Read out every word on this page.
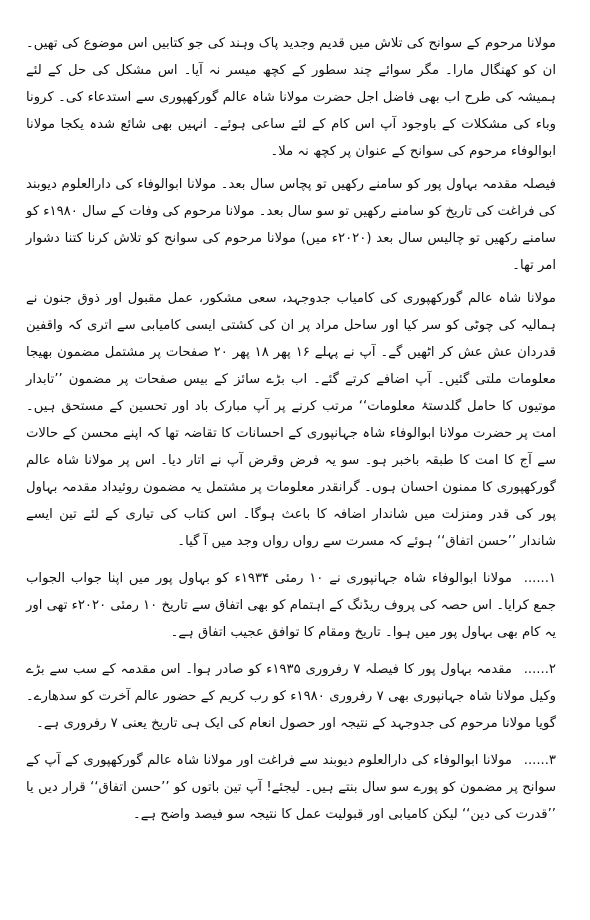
مولانا مرحوم کے سوانح کی تلاش میں قدیم وجدید پاک وہند کی جو کتابیں اس موضوع کی تھیں۔ ان کو کھنگال مارا۔ مگر سوائے چند سطور کے کچھ میسر نہ آیا۔ اس مشکل کی حل کے لئے ہمیشہ کی طرح اب بھی فاضل اجل حضرت مولانا شاہ عالم گورکھپوری سے استدعاء کی۔ کرونا وباء کی مشکلات کے باوجود آپ اس کام کے لئے ساعی ہوئے۔ انہیں بھی شائع شدہ یکجا مولانا ابوالوفاء مرحوم کی سوانح کے عنوان پر کچھ نہ ملا۔

فیصلہ مقدمہ بہاول پور کو سامنے رکھیں تو پچاس سال بعد۔ مولانا ابوالوفاء کی دارالعلوم دیوبند کی فراغت کی تاریخ کو سامنے رکھیں تو سو سال بعد۔ مولانا مرحوم کی وفات کے سال ۱۹۸۰ء کو سامنے رکھیں تو چالیس سال بعد (۲۰۲۰ء میں) مولانا مرحوم کی سوانح کو تلاش کرنا کتنا دشوار امر تھا۔

مولانا شاہ عالم گورکھپوری کی کامیاب جدوجہد، سعی مشکور، عمل مقبول اور ذوق جنون نے ہمالیہ کی چوٹی کو سر کیا اور ساحل مراد پر ان کی کشتی ایسی کامیابی سے اتری کہ واقفین قدردان عش عش کر اٹھیں گے۔ آپ نے پہلے ۱۶ پھر ۱۸ پھر ۲۰ صفحات پر مشتمل مضمون بھیجا معلومات ملتی گئیں۔ آپ اضافے کرتے گئے۔ اب بڑے سائز کے بیس صفحات پر مضمون ’’تابدار موتیوں کا حامل گلدستۂ معلومات‘‘ مرتب کرنے پر آپ مبارک باد اور تحسین کے مستحق ہیں۔ امت پر حضرت مولانا ابوالوفاء شاہ جہانپوری کے احسانات کا تقاضہ تھا کہ اپنے محسن کے حالات سے آج کا امت کا طبقہ باخبر ہو۔ سو یہ فرض وقرض آپ نے اتار دیا۔ اس پر مولانا شاہ عالم گورکھپوری کا ممنون احسان ہوں۔ گرانقدر معلومات پر مشتمل یہ مضمون روئیداد مقدمہ بہاول پور کی قدر ومنزلت میں شاندار اضافہ کا باعث ہوگا۔ اس کتاب کی تیاری کے لئے تین ایسے شاندار ’’حسن اتفاق‘‘ ہوئے کہ مسرت سے رواں رواں وجد میں آ گیا۔

۱......مولانا ابوالوفاء شاہ جہانپوری نے ۱۰ رمئی ۱۹۳۴ء کو بہاول پور میں اپنا جواب الجواب جمع کرایا۔ اس حصہ کی پروف ریڈنگ کے اہتمام کو بھی اتفاق سے تاریخ ۱۰ رمئی ۲۰۲۰ء تھی اور یہ کام بھی بہاول پور میں ہوا۔ تاریخ ومقام کا توافق عجیب اتفاق ہے۔

۲......مقدمہ بہاول پور کا فیصلہ ۷ رفروری ۱۹۳۵ء کو صادر ہوا۔ اس مقدمہ کے سب سے بڑے وکیل مولانا شاہ جہانپوری بھی ۷ رفروری ۱۹۸۰ء کو رب کریم کے حضور عالم آخرت کو سدھارے۔ گویا مولانا مرحوم کی جدوجہد کے نتیجہ اور حصول انعام کی ایک ہی تاریخ یعنی ۷ رفروری ہے۔

۳......مولانا ابوالوفاء کی دارالعلوم دیوبند سے فراغت اور مولانا شاہ عالم گورکھپوری کے آپ کے سوانح پر مضمون کو پورے سو سال بنتے ہیں۔ لیجئے! آپ تین باتوں کو ’’حسن اتفاق‘‘ قرار دیں یا ’’قدرت کی دین‘‘ لیکن کامیابی اور قبولیت عمل کا نتیجہ سو فیصد واضح ہے۔
